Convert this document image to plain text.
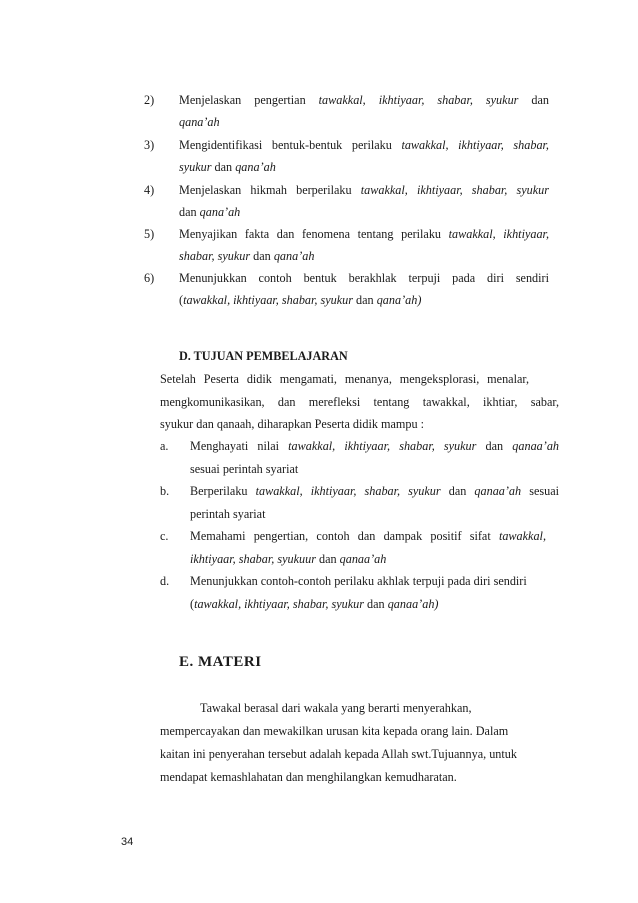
2)	Menjelaskan pengertian tawakkal, ikhtiyaar, shabar, syukur dan
qana’ah
3)	Mengidentifikasi bentuk-bentuk perilaku tawakkal, ikhtiyaar, shabar,
syukur dan qana’ah
4)	Menjelaskan hikmah berperilaku tawakkal, ikhtiyaar, shabar, syukur
dan qana’ah
5)	Menyajikan fakta dan fenomena tentang perilaku tawakkal, ikhtiyaar,
shabar, syukur dan qana’ah
6)	Menunjukkan contoh bentuk berakhlak terpuji pada diri sendiri
(tawakkal, ikhtiyaar, shabar, syukur dan qana’ah)
D. TUJUAN PEMBELAJARAN
Setelah Peserta didik mengamati, menanya, mengeksplorasi, menalar,
mengkomunikasikan, dan merefleksi tentang tawakkal, ikhtiar, sabar,
syukur dan qanaah, diharapkan Peserta didik mampu :
a.	Menghayati nilai tawakkal, ikhtiyaar, shabar, syukur dan qanaa’ah
sesuai perintah syariat
b.	Berperilaku tawakkal, ikhtiyaar, shabar, syukur dan qanaa’ah sesuai
perintah syariat
c.	Memahami pengertian, contoh dan dampak positif sifat tawakkal,
ikhtiyaar, shabar, syukuur dan qanaa’ah
d.	Menunjukkan contoh-contoh perilaku akhlak terpuji pada diri sendiri
(tawakkal, ikhtiyaar, shabar, syukur dan qanaa’ah)
E. MATERI
Tawakal berasal dari wakala yang berarti menyerahkan,
mempercayakan dan mewakilkan urusan kita kepada orang lain. Dalam
kaitan ini penyerahan tersebut adalah kepada Allah swt.Tujuannya, untuk
mendapat kemashlahatan dan menghilangkan kemudharatan.
34
